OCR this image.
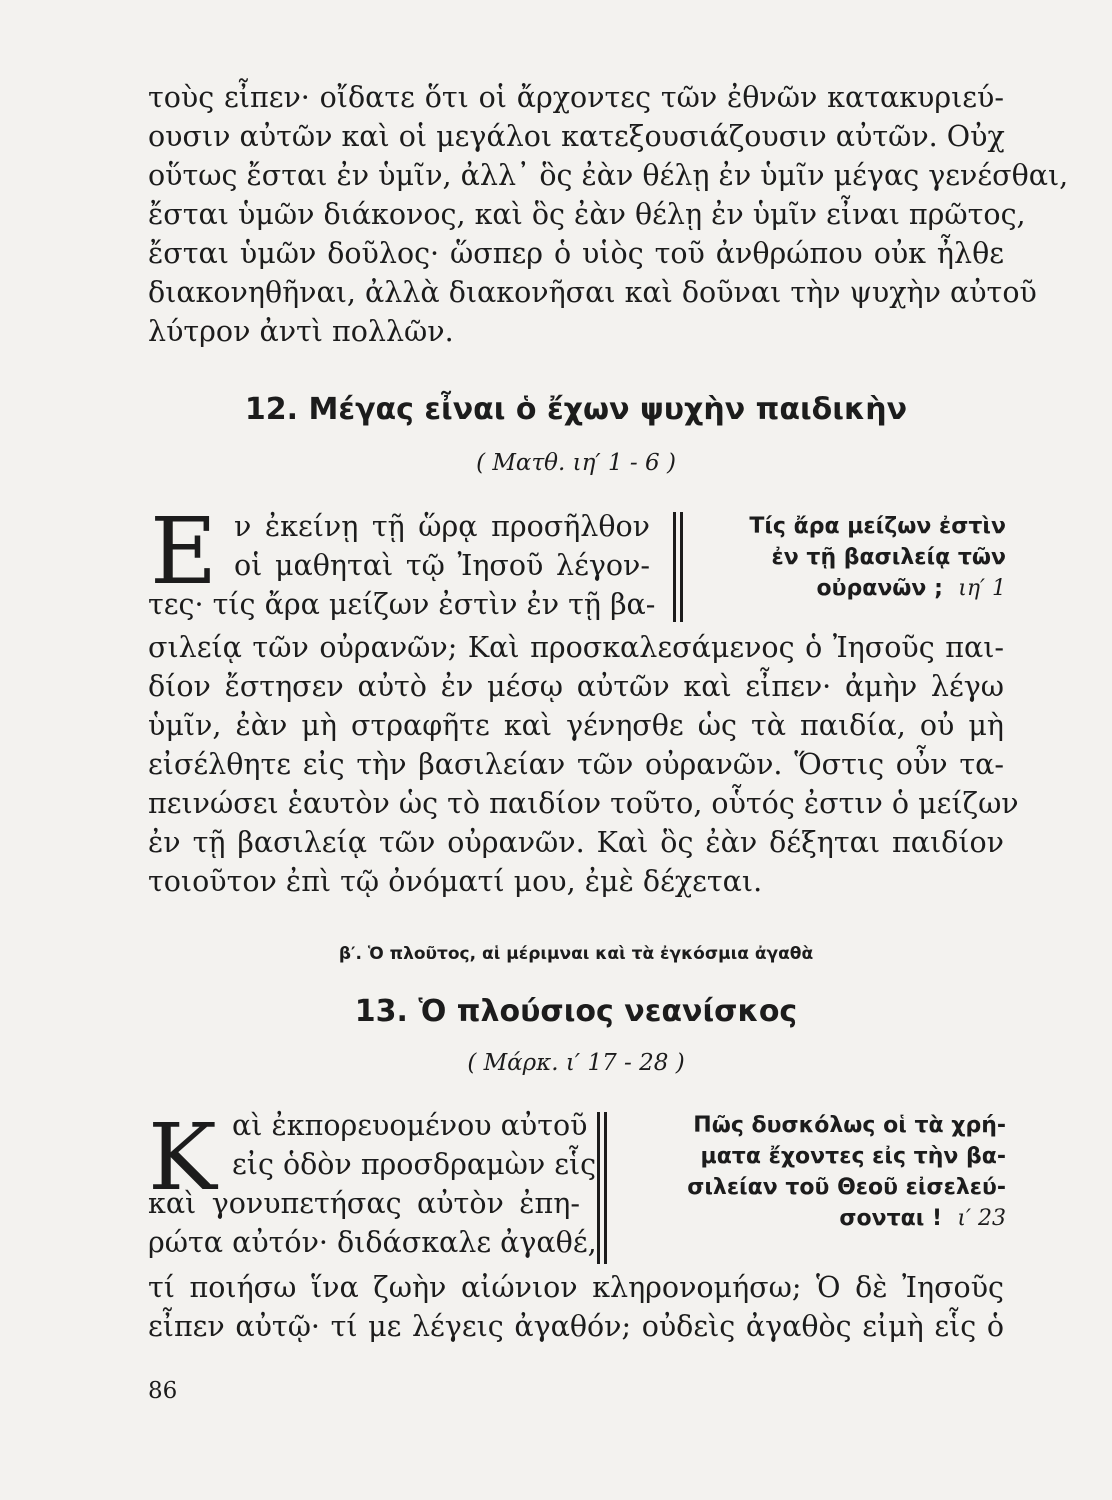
τοὺς εἶπεν· οἴδατε ὅτι οἱ ἄρχοντες τῶν ἐθνῶν κατακυριεύ-
ουσιν αὐτῶν καὶ οἱ μεγάλοι κατεξουσιάζουσιν αὐτῶν. Οὐχ
οὕτως ἔσται ἐν ὑμῖν, ἀλλ᾽ ὃς ἐὰν θέλῃ ἐν ὑμῖν μέγας γενέσθαι,
ἔσται ὑμῶν διάκονος, καὶ ὃς ἐὰν θέλῃ ἐν ὑμῖν εἶναι πρῶτος,
ἔσται ὑμῶν δοῦλος· ὥσπερ ὁ υἱὸς τοῦ ἀνθρώπου οὐκ ἦλθε
διακονηθῆναι, ἀλλὰ διακονῆσαι καὶ δοῦναι τὴν ψυχὴν αὐτοῦ
λύτρον ἀντὶ πολλῶν.
12. Μέγας εἶναι ὁ ἔχων ψυχὴν παιδικὴν
( Ματθ. ιη′ 1 - 6 )
Ε ν ἐκείνῃ τῇ ὥρᾳ προσῆλθον
οἱ μαθηταὶ τῷ Ἰησοῦ λέγον-
τες· τίς ἄρα μείζων ἐστὶν ἐν τῇ βα-
Τίς ἄρα μείζων ἐστὶν
ἐν τῇ βασιλείᾳ τῶν
οὐρανῶν ; ιη′ 1
σιλείᾳ τῶν οὐρανῶν; Καὶ προσκαλεσάμενος ὁ Ἰησοῦς παι-
δίον ἔστησεν αὐτὸ ἐν μέσῳ αὐτῶν καὶ εἶπεν· ἀμὴν λέγω
ὑμῖν, ἐὰν μὴ στραφῆτε καὶ γένησθε ὡς τὰ παιδία, οὐ μὴ
εἰσέλθητε εἰς τὴν βασιλείαν τῶν οὐρανῶν. Ὅστις οὖν τα-
πεινώσει ἑαυτὸν ὡς τὸ παιδίον τοῦτο, οὗτός ἐστιν ὁ μείζων
ἐν τῇ βασιλείᾳ τῶν οὐρανῶν. Καὶ ὃς ἐὰν δέξηται παιδίον
τοιοῦτον ἐπὶ τῷ ὀνόματί μου, ἐμὲ δέχεται.
β′. Ὁ πλοῦτος, αἱ μέριμναι καὶ τὰ ἐγκόσμια ἀγαθὰ
13. Ὁ πλούσιος νεανίσκος
( Μάρκ. ι′ 17 - 28 )
Κ αὶ ἐκπορευομένου αὐτοῦ
εἰς ὁδὸν προσδραμὼν εἷς
καὶ γονυπετήσας αὐτὸν ἐπη-
ρώτα αὐτόν· διδάσκαλε ἀγαθέ,
Πῶς δυσκόλως οἱ τὰ χρή-
ματα ἔχοντες εἰς τὴν βα-
σιλείαν τοῦ Θεοῦ εἰσελεύ-
σονται ! ι′ 23
τί ποιήσω ἵνα ζωὴν αἰώνιον κληρονομήσω; Ὁ δὲ Ἰησοῦς
εἶπεν αὐτῷ· τί με λέγεις ἀγαθόν; οὐδεὶς ἀγαθὸς εἰμὴ εἷς ὁ
86
